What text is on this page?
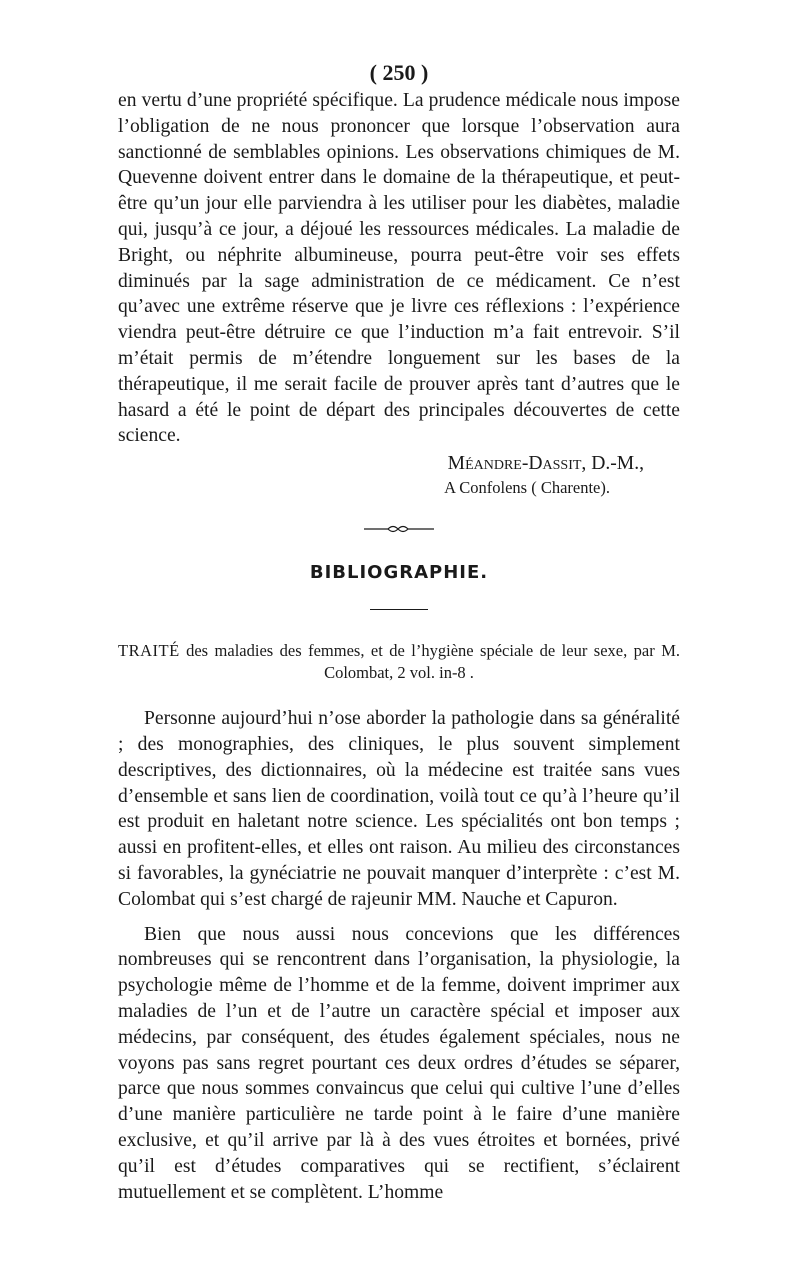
( 250 )

en vertu d’une propriété spécifique. La prudence médicale nous impose l’obligation de ne nous prononcer que lorsque l’observation aura sanctionné de semblables opinions. Les observations chimiques de M. Quevenne doivent entrer dans le domaine de la thérapeutique, et peut-être qu’un jour elle parviendra à les utiliser pour les diabètes, maladie qui, jusqu’à ce jour, a déjoué les ressources médicales. La maladie de Bright, ou néphrite albumineuse, pourra peut-être voir ses effets diminués par la sage administration de ce médicament. Ce n’est qu’avec une extrême réserve que je livre ces réflexions : l’expérience viendra peut-être détruire ce que l’induction m’a fait entrevoir. S’il m’était permis de m’étendre longuement sur les bases de la thérapeutique, il me serait facile de prouver après tant d’autres que le hasard a été le point de départ des principales découvertes de cette science.

Méandre-Dassit, D.-M.,
A Confolens ( Charente).
BIBLIOGRAPHIE.

TRAITÉ des maladies des femmes, et de l’hygiène spéciale de leur sexe, par M. Colombat, 2 vol. in-8 .

Personne aujourd’hui n’ose aborder la pathologie dans sa généralité ; des monographies, des cliniques, le plus souvent simplement descriptives, des dictionnaires, où la médecine est traitée sans vues d’ensemble et sans lien de coordination, voilà tout ce qu’à l’heure qu’il est produit en haletant notre science. Les spécialités ont bon temps ; aussi en profitent-elles, et elles ont raison. Au milieu des circonstances si favorables, la gynéciatrie ne pouvait manquer d’interprète : c’est M. Colombat qui s’est chargé de rajeunir MM. Nauche et Capuron.

Bien que nous aussi nous concevions que les différences nombreuses qui se rencontrent dans l’organisation, la physiologie, la psychologie même de l’homme et de la femme, doivent imprimer aux maladies de l’un et de l’autre un caractère spécial et imposer aux médecins, par conséquent, des études également spéciales, nous ne voyons pas sans regret pourtant ces deux ordres d’études se séparer, parce que nous sommes convaincus que celui qui cultive l’une d’elles d’une manière particulière ne tarde point à le faire d’une manière exclusive, et qu’il arrive par là à des vues étroites et bornées, privé qu’il est d’études comparatives qui se rectifient, s’éclairent mutuellement et se complètent. L’homme
